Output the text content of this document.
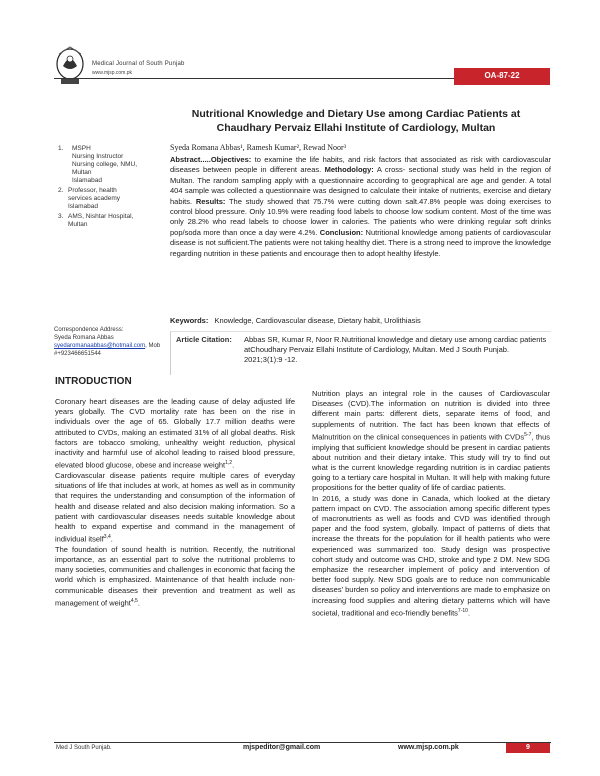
Medical Journal of South Punjab
www.mjsp.com.pk	OA-87-22
Nutritional Knowledge and Dietary Use among Cardiac Patients at
Chaudhary Pervaiz Ellahi Institute of Cardiology, Multan
1.	MSPH
Nursing Instructor
Nursing college, NMU, Multan
Islamabad
2. Professor, health services academy Islamabad
3. AMS, Nishtar Hospital, Multan
Syeda Romana Abbas¹, Ramesh Kumar², Rewad Noor³
Abstract.....Objectives: to examine the life habits, and risk factors that associated as risk with cardiovascular diseases between people in different areas. Methodology: A cross- sectional study was held in the region of Multan. The random sampling apply with a questionnaire according to geographical are age and gender. A total 404 sample was collected a questionnaire was designed to calculate their intake of nutrients, exercise and dietary habits. Results: The study showed that 75.7% were cutting down salt.47.8% people was doing exercises to control blood pressure. Only 10.9% were reading food labels to choose low sodium content. Most of the time was only 28.2% who read labels to choose lower in calories. The patients who were drinking regular soft drinks pop/soda more than once a day were 4.2%. Conclusion: Nutritional knowledge among patients of cardiovascular disease is not sufficient.The patients were not taking healthy diet. There is a strong need to improve the knowledge regarding nutrition in these patients and encourage then to adopt healthy lifestyle.
Keywords: Knowledge, Cardiovascular disease, Dietary habit, Urolithiasis
Correspondence Address:
Syeda Romana Abbas
syedaromanaabbas@hotmail.com, Mob #+923466651544
Article Citation: Abbas SR, Kumar R, Noor R.Nutritional knowledge and dietary use among cardiac patients atChoudhary Pervaiz Ellahi Institute of Cardiology, Multan. Med J South Punjab. 2021;3(1):9 -12.
INTRODUCTION

Coronary heart diseases are the leading cause of delay adjusted life years globally. The CVD mortality rate has been on the rise in individuals over the age of 65. Globally 17.7 million deaths were attributed to CVDs, making an estimated 31% of all global deaths. Risk factors are tobacco smoking, unhealthy weight reduction, physical inactivity and harmful use of alcohol leading to raised blood pressure, elevated blood glucose, obese and increase weight$^{1,2}$.

Cardiovascular disease patients require multiple cares of everyday situations of life that includes at work, at homes as well as in community that requires the understanding and consumption of the information of health and disease related and also decision making information. So a patient with cardiovascular diseases needs suitable knowledge about health to expand expertise and command in the management of individual itself$^{3,4}$.

The foundation of sound health is nutrition. Recently, the nutritional importance, as an essential part to solve the nutritional problems to many societies, communities and challenges in economic that facing the world which is emphasized. Maintenance of that health include non-communicable diseases their prevention and treatment as well as management of weight$^{4,5}$.

Nutrition plays an integral role in the causes of Cardiovascular Diseases (CVD).The information on nutrition is divided into three different main parts: different diets, separate items of food, and supplements of nutrition. The fact has been known that effects of Malnutrition on the clinical consequences in patients with CVDs$^{5-7}$, thus implying that sufficient knowledge should be present in cardiac patients about nutrition and their dietary intake. This study will try to find out what is the current knowledge regarding nutrition is in cardiac patients going to a tertiary care hospital in Multan. It will help with making future propositions for the better quality of life of cardiac patients.

In 2016, a study was done in Canada, which looked at the dietary pattern impact on CVD. The association among specific different types of macronutrients as well as foods and CVD was identified through paper and the food system, globally. Impact of patterns of diets that increase the threats for the population for ill health patients who were experienced was summarized too. Study design was prospective cohort study and outcome was CHD, stroke and type 2 DM. New SDG emphasize the researcher implement of policy and intervention of better food supply. New SDG goals are to reduce non communicable diseases' burden so policy and interventions are made to emphasize on increasing food supplies and altering dietary patterns which will have societal, traditional and eco-friendly benefits$^{7-10}$.

Med J South Punjab.	mjspeditor@gmail.com	www.mjsp.com.pk	9
